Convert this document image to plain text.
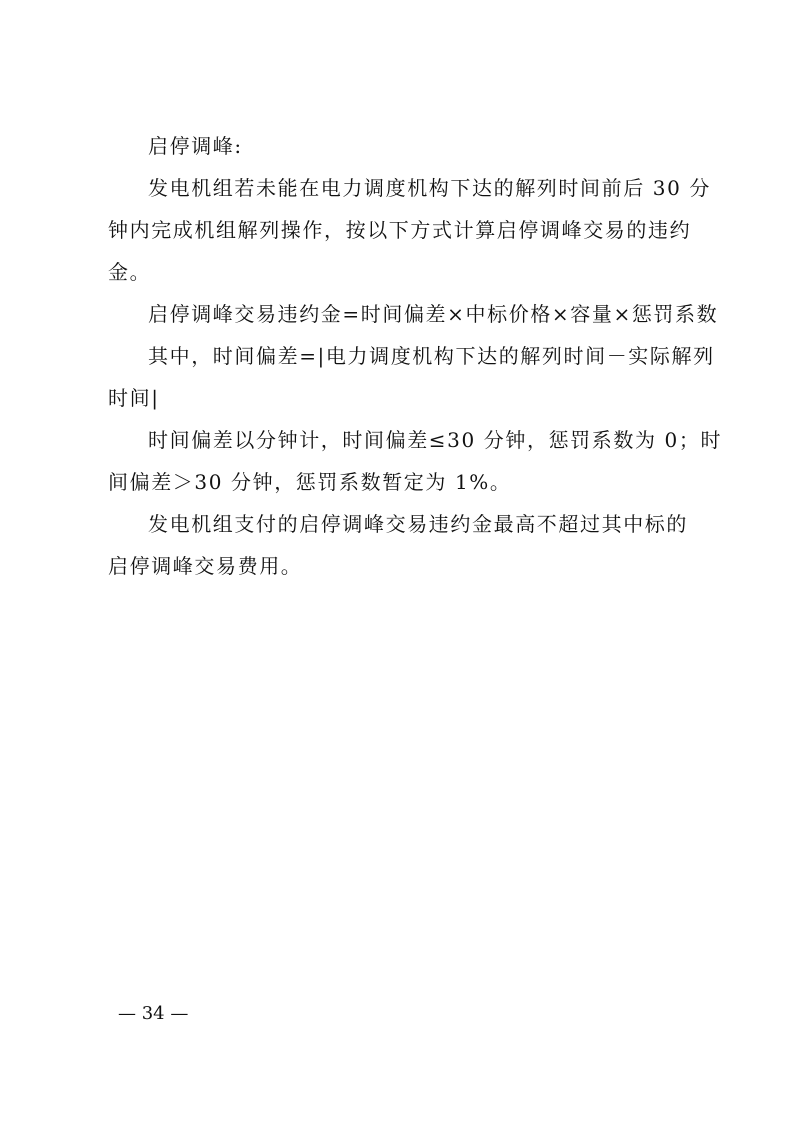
启停调峰:
发电机组若未能在电力调度机构下达的解列时间前后 30 分
钟内完成机组解列操作，按以下方式计算启停调峰交易的违约
金。
启停调峰交易违约金=时间偏差×中标价格×容量×惩罚系数
其中，时间偏差=|电力调度机构下达的解列时间－实际解列
时间|
时间偏差以分钟计，时间偏差≤30 分钟，惩罚系数为 0；时
间偏差＞30 分钟，惩罚系数暂定为 1%。
发电机组支付的启停调峰交易违约金最高不超过其中标的
启停调峰交易费用。
— 34 —
